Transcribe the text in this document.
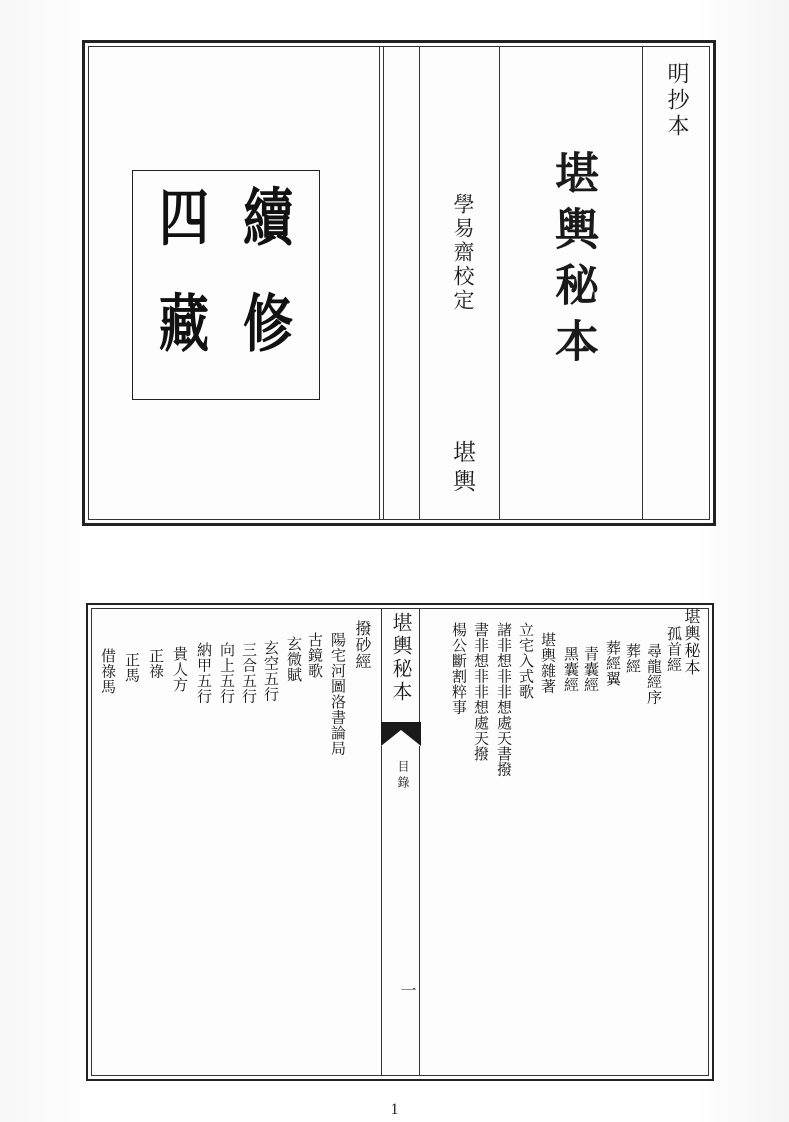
續
修
四
藏
明抄本
堪輿秘本
學易齋校定
堪輿
堪輿秘本
目
錄
一
堪輿秘本
孤首經
尋龍經序
葬經
葬經翼
青囊經
黑囊經
堪輿雜著
立宅入式歌
諸非想非非想處天書撥
書非想非非想處天撥
楊公斷割粹事
撥砂經
陽宅河圖洛書論局
古鏡歌
玄微賦
玄空五行
三合五行
向上五行
納甲五行
貴人方
正祿
正馬
借祿馬
1
